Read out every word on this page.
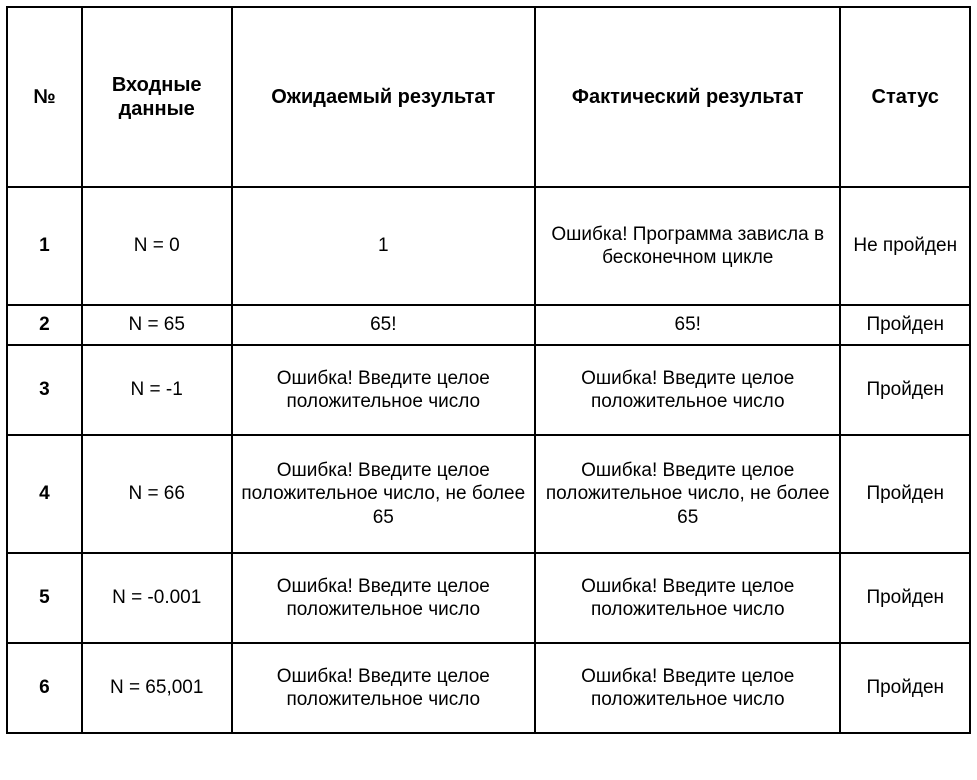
№	Входные данные	Ожидаемый результат	Фактический результат	Статус
1	N = 0	1	Ошибка! Программа зависла в бесконечном цикле	Не пройден
2	N = 65	65!	65!	Пройден
3	N = -1	Ошибка! Введите целое положительное число	Ошибка! Введите целое положительное число	Пройден
4	N = 66	Ошибка! Введите целое положительное число, не более 65	Ошибка! Введите целое положительное число, не более 65	Пройден
5	N = -0.001	Ошибка! Введите целое положительное число	Ошибка! Введите целое положительное число	Пройден
6	N = 65,001	Ошибка! Введите целое положительное число	Ошибка! Введите целое положительное число	Пройден
